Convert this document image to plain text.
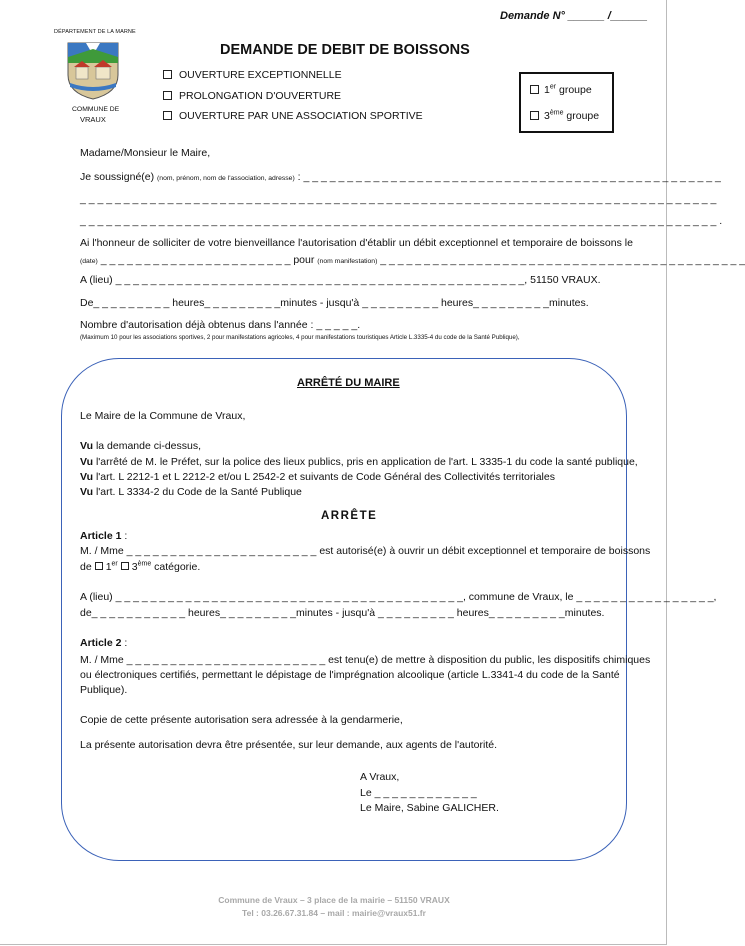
Demande N° ______ /______
DÉPARTEMENT DE LA MARNE
COMMUNE DE
VRAUX
DEMANDE DE DEBIT DE BOISSONS
OUVERTURE EXCEPTIONNELLE
PROLONGATION D'OUVERTURE
OUVERTURE PAR UNE ASSOCIATION SPORTIVE
1er groupe
3ème groupe
Madame/Monsieur le Maire,
Je soussigné(e) (nom, prénom, nom de l'association, adresse) : _ _ _ _ _ _ _ _ _ _ _ _ _ _ _ _ _ _ _ _ _ _ _ _ _ _ _ _ _ _ _ _ _ _ _ _ _ _ _ _ _ _ _ _ _ _ _ _
_ _ _ _ _ _ _ _ _ _ _ _ _ _ _ _ _ _ _ _ _ _ _ _ _ _ _ _ _ _ _ _ _ _ _ _ _ _ _ _ _ _ _ _ _ _ _ _ _ _ _ _ _ _ _ _ _ _ _ _ _ _ _ _ _ _ _ _ _ _ _ _ _
_ _ _ _ _ _ _ _ _ _ _ _ _ _ _ _ _ _ _ _ _ _ _ _ _ _ _ _ _ _ _ _ _ _ _ _ _ _ _ _ _ _ _ _ _ _ _ _ _ _ _ _ _ _ _ _ _ _ _ _ _ _ _ _ _ _ _ _ _ _ _ _ _ .
Ai l'honneur de solliciter de votre bienveillance l'autorisation d'établir un débit exceptionnel et temporaire de boissons le
(date) _ _ _ _ _ _ _ _ _ _ _ _ _ _ _ _ _ _ _ _ _ _ pour (nom manifestation) _ _ _ _ _ _ _ _ _ _ _ _ _ _ _ _ _ _ _ _ _ _ _ _ _ _ _ _ _ _ _ _ _ _ _ _ _ _ _ _ _ _
A (lieu) _ _ _ _ _ _ _ _ _ _ _ _ _ _ _ _ _ _ _ _ _ _ _ _ _ _ _ _ _ _ _ _ _ _ _ _ _ _ _ _ _ _ _ _ _ _ _, 51150 VRAUX.
De_ _ _ _ _ _ _ _ _ heures_ _ _ _ _ _ _ _ _minutes - jusqu'à _ _ _ _ _ _ _ _ _ heures_ _ _ _ _ _ _ _ _minutes.
Nombre d'autorisation déjà obtenus dans l'année : _ _ _ _ _.
(Maximum 10 pour les associations sportives, 2 pour manifestations agricoles, 4 pour manifestations touristiques Article L.3335-4 du code de la Santé Publique),
ARRÊTÉ DU MAIRE
Le Maire de la Commune de Vraux,
Vu la demande ci-dessus,
Vu l'arrêté de M. le Préfet, sur la police des lieux publics, pris en application de l'art. L 3335-1 du code la santé publique,
Vu l'art. L 2212-1 et L 2212-2 et/ou L 2542-2 et suivants de Code Général des Collectivités territoriales
Vu l'art. L 3334-2 du Code de la Santé Publique
ARRÊTE
Article 1 :
M. / Mme _ _ _ _ _ _ _ _ _ _ _ _ _ _ _ _ _ _ _ _ _ _ est autorisé(e) à ouvrir un débit exceptionnel et temporaire de boissons
de 1er 3ème catégorie.
A (lieu) _ _ _ _ _ _ _ _ _ _ _ _ _ _ _ _ _ _ _ _ _ _ _ _ _ _ _ _ _ _ _ _ _ _ _ _ _ _ _ _, commune de Vraux, le _ _ _ _ _ _ _ _ _ _ _ _ _ _ _ _,
de_ _ _ _ _ _ _ _ _ _ _ heures_ _ _ _ _ _ _ _ _minutes - jusqu'à _ _ _ _ _ _ _ _ _ heures_ _ _ _ _ _ _ _ _minutes.
Article 2 :
M. / Mme _ _ _ _ _ _ _ _ _ _ _ _ _ _ _ _ _ _ _ _ _ _ _ est tenu(e) de mettre à disposition du public, les dispositifs chimiques
ou électroniques certifiés, permettant le dépistage de l'imprégnation alcoolique (article L.3341-4 du code de la Santé
Publique).
Copie de cette présente autorisation sera adressée à la gendarmerie,
La présente autorisation devra être présentée, sur leur demande, aux agents de l'autorité.
A Vraux,
Le _ _ _ _ _ _ _ _ _ _ _ _
Le Maire, Sabine GALICHER.
Commune de Vraux – 3 place de la mairie – 51150 VRAUX
Tel : 03.26.67.31.84 – mail : mairie@vraux51.fr
